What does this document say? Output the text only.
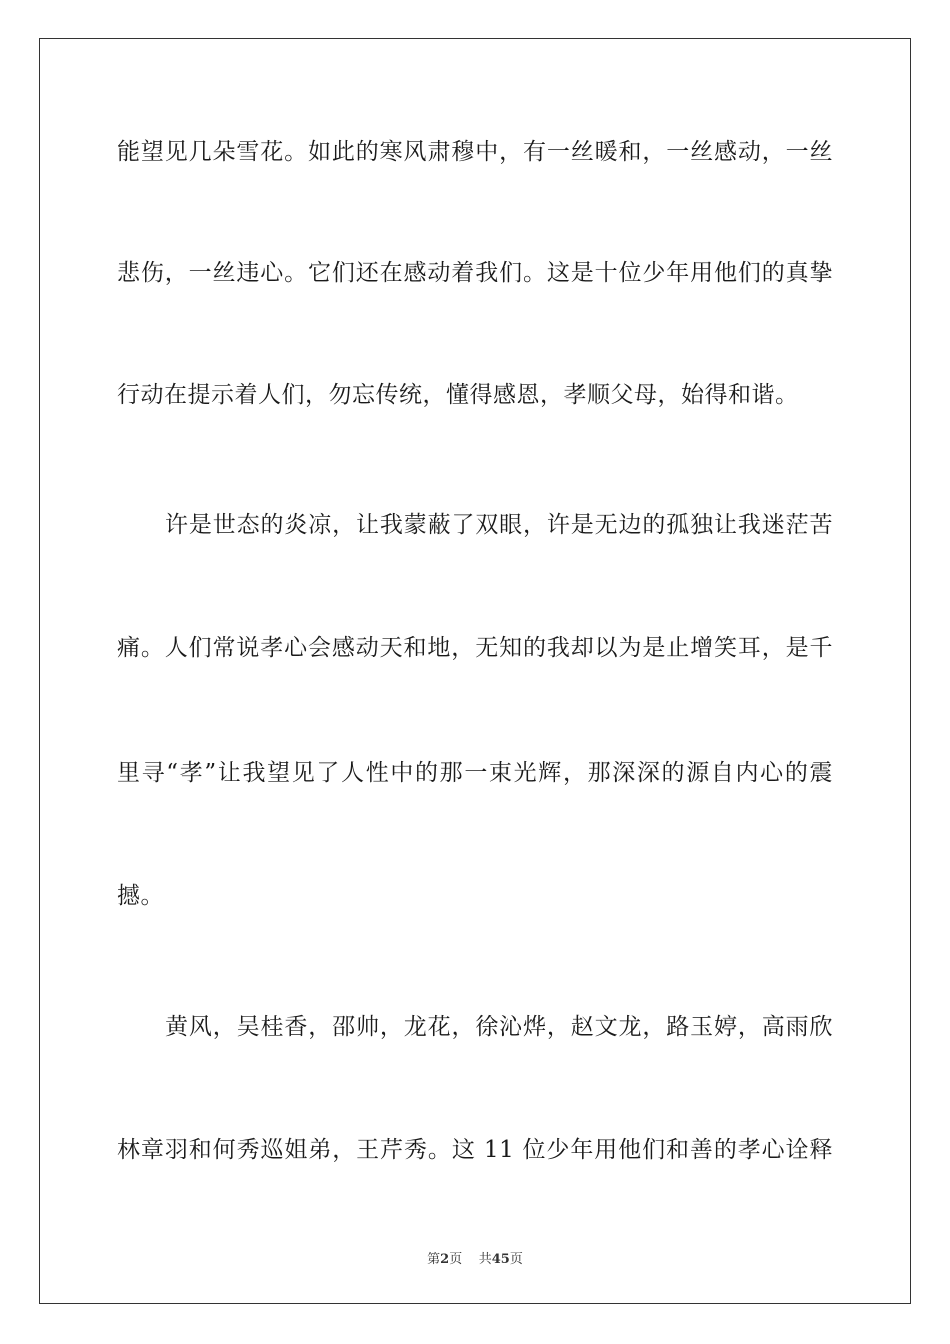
能望见几朵雪花。如此的寒风肃穆中，有一丝暖和，一丝感动，一丝
悲伤，一丝违心。它们还在感动着我们。这是十位少年用他们的真挚
行动在提示着人们，勿忘传统，懂得感恩，孝顺父母，始得和谐。
许是世态的炎凉，让我蒙蔽了双眼，许是无边的孤独让我迷茫苦
痛。人们常说孝心会感动天和地，无知的我却以为是止增笑耳，是千
里寻“孝”让我望见了人性中的那一束光辉，那深深的源自内心的震
撼。
黄风，吴桂香，邵帅，龙花，徐沁烨，赵文龙，路玉婷，高雨欣
林章羽和何秀巡姐弟，王芹秀。这 11 位少年用他们和善的孝心诠释
第2页 共45页
